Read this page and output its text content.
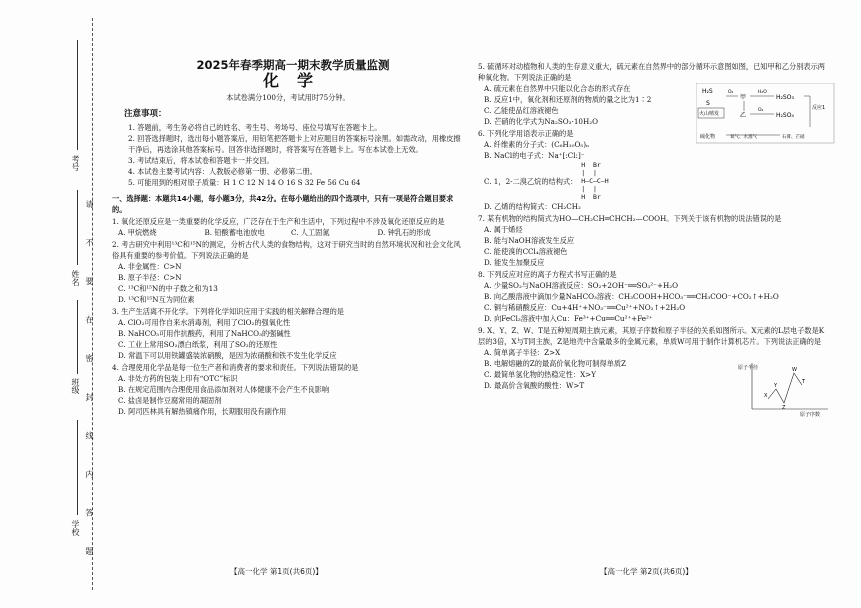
请 不 要 在 密 封 线 内 答 题
考号
姓名
班级
学校
2025年春季期高一期末教学质量监测
化学
本试卷满分100分，考试用时75分钟。
注意事项：
1. 答题前，考生务必将自己的姓名、考生号、考场号、座位号填写在答题卡上。
2. 回答选择题时，选出每小题答案后，用铅笔把答题卡上对应题目的答案标号涂黑。如需改动，用橡皮擦干净后，再选涂其他答案标号。回答非选择题时，将答案写在答题卡上。写在本试卷上无效。
3. 考试结束后，将本试卷和答题卡一并交回。
4. 本试卷主要考试内容：人教版必修第一册、必修第二册。
5. 可能用到的相对原子质量：H 1 C 12 N 14 O 16 S 32 Fe 56 Cu 64
一、选择题：本题共14小题，每小题3分，共42分。在每小题给出的四个选项中，只有一项是符合题目要求的。
1. 氧化还原反应是一类重要的化学反应，广泛存在于生产和生活中，下列过程中不涉及氧化还原反应的是
A. 甲烷燃烧	B. 铅酸蓄电池放电	C. 人工固氮	D. 钟乳石的形成
2. 考古研究中利用¹³C和¹⁵N的测定，分析古代人类的食物结构，这对于研究当时的自然环境状况和社会文化风俗具有重要的参考价值。下列说法正确的是
A. 非金属性：C>N
B. 原子半径：C>N
C. ¹³C和¹⁵N的中子数之和为13
D. ¹³C和¹⁵N互为同位素
3. 生产生活离不开化学。下列将化学知识应用于实践的相关解释合理的是
A. ClO₂可用作自来水消毒剂，利用了ClO₂的强氧化性
B. NaHCO₃可用作抗酸药，利用了NaHCO₃的强碱性
C. 工业上常用SO₂漂白纸浆，利用了SO₂的还原性
D. 常温下可以用铁罐盛装浓硝酸，是因为浓硝酸和铁不发生化学反应
4. 合理使用化学品是每一位生产者和消费者的要求和责任。下列说法错误的是
A. 非处方药的包装上印有“OTC”标识
B. 在规定范围内合理使用食品添加剂对人体健康不会产生不良影响
C. 盐卤是制作豆腐常用的凝固剂
D. 阿司匹林具有解热镇痛作用，长期服用没有副作用
5. 硫循环对动植物和人类的生存意义重大，硫元素在自然界中的部分循环示意图如图，已知甲和乙分别表示两种氧化物。下列说法正确的是
H₂S
S
甲
乙
H₂SO₃
H₂SO₄
火山喷发
硫化物
反应1
O₂	H₂O
O₂
氧气、水蒸气	石膏、芒硝
A. 硫元素在自然界中只能以化合态的形式存在
B. 反应1中，氧化剂和还原剂的物质的量之比为1∶2
C. 乙能使品红溶液褪色
D. 芒硝的化学式为Na₂SO₃·10H₂O
6. 下列化学用语表示正确的是
A. 纤维素的分子式：(C₆H₁₀O₅)ₙ
B. NaCl的电子式：Na⁺[:Cl:]⁻
C. 1，2-二溴乙烷的结构式：
H  Br
|  |
H—C—C—H
|  |
H  Br
D. 乙烯的结构简式：CH₂CH₂
7. 某有机物的结构简式为HO—CH₂CH═CHCH₂—COOH。下列关于该有机物的说法错误的是
A. 属于烯烃
B. 能与NaOH溶液发生反应
C. 能使溴的CCl₄溶液褪色
D. 能发生加聚反应
8. 下列反应对应的离子方程式书写正确的是
A. 少量SO₂与NaOH溶液反应：SO₂+2OH⁻══SO₃²⁻+H₂O
B. 向乙酸溶液中滴加少量NaHCO₃溶液：CH₃COOH+HCO₃⁻══CH₃COO⁻+CO₂↑+H₂O
C. 铜与稀硝酸反应：Cu+4H⁺+NO₃⁻══Cu²⁺+NO₂↑+2H₂O
D. 向FeCl₃溶液中加入Cu：Fe³⁺+Cu══Cu²⁺+Fe²⁺
9. X、Y、Z、W、T是五种短周期主族元素，其原子序数和原子半径的关系如图所示。X元素的L层电子数是K层的3倍，X与T同主族，Z是地壳中含量最多的金属元素，单质W可用于制作计算机芯片。下列说法正确的是
A. 简单离子半径：Z>X
B. 电解熔融的Z的最高价氧化物可制得单质Z
C. 最简单氢化物的热稳定性：X>Y
D. 最高价含氧酸的酸性：W>T
原子半径
原子序数
X
Y
Z
W
T
【高一化学 第1页(共6页)】	【高一化学 第2页(共6页)】
